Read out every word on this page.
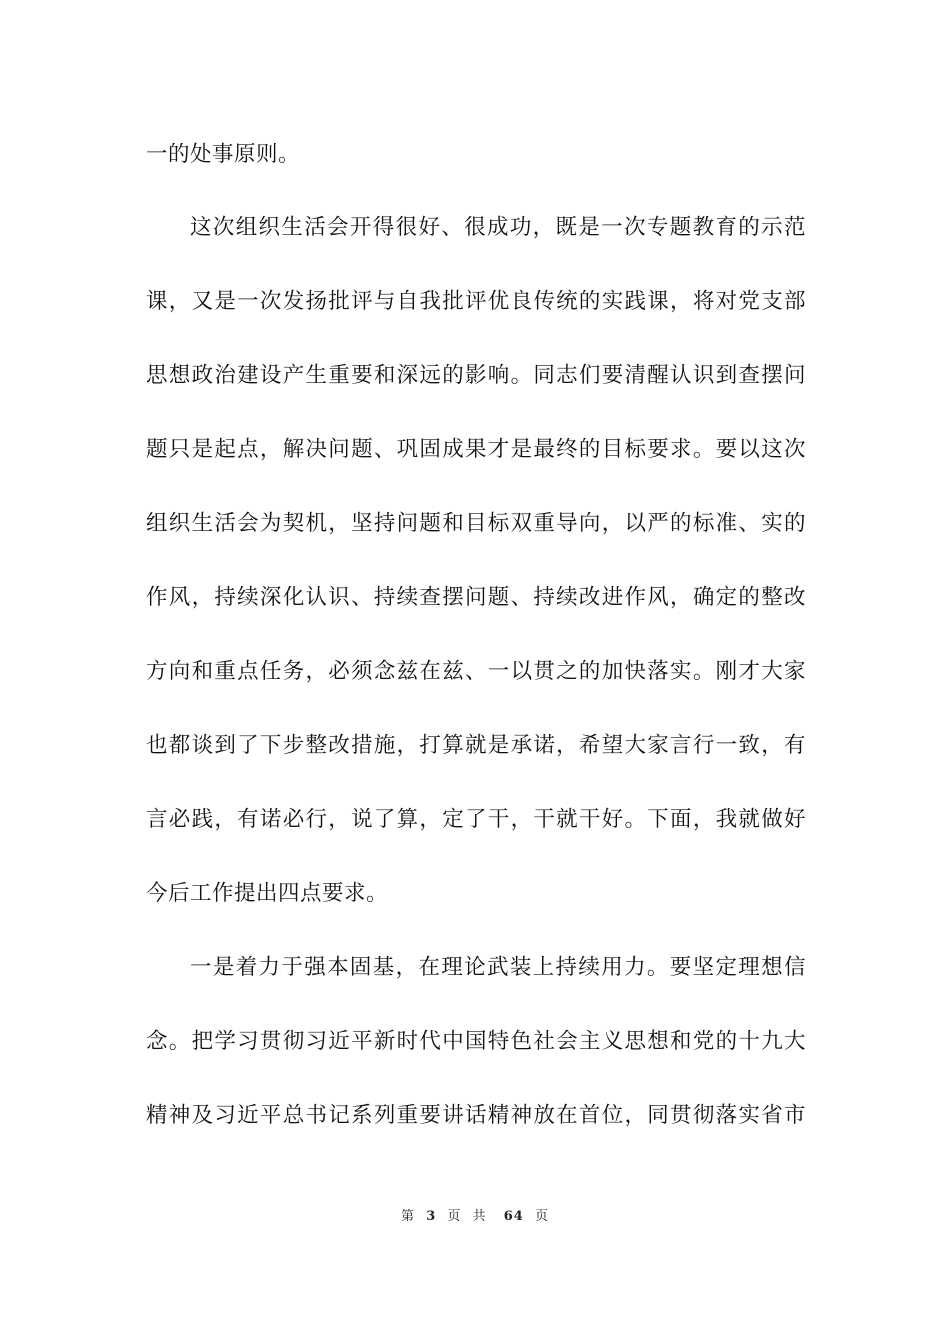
一的处事原则。
这次组织生活会开得很好、很成功，既是一次专题教育的示范
课，又是一次发扬批评与自我批评优良传统的实践课，将对党支部
思想政治建设产生重要和深远的影响。同志们要清醒认识到查摆问
题只是起点，解决问题、巩固成果才是最终的目标要求。要以这次
组织生活会为契机，坚持问题和目标双重导向，以严的标准、实的
作风，持续深化认识、持续查摆问题、持续改进作风，确定的整改
方向和重点任务，必须念兹在兹、一以贯之的加快落实。刚才大家
也都谈到了下步整改措施，打算就是承诺，希望大家言行一致，有
言必践，有诺必行，说了算，定了干，干就干好。下面，我就做好
今后工作提出四点要求。
一是着力于强本固基，在理论武装上持续用力。要坚定理想信
念。把学习贯彻习近平新时代中国特色社会主义思想和党的十九大
精神及习近平总书记系列重要讲话精神放在首位，同贯彻落实省市
第 3 页 共 64 页
